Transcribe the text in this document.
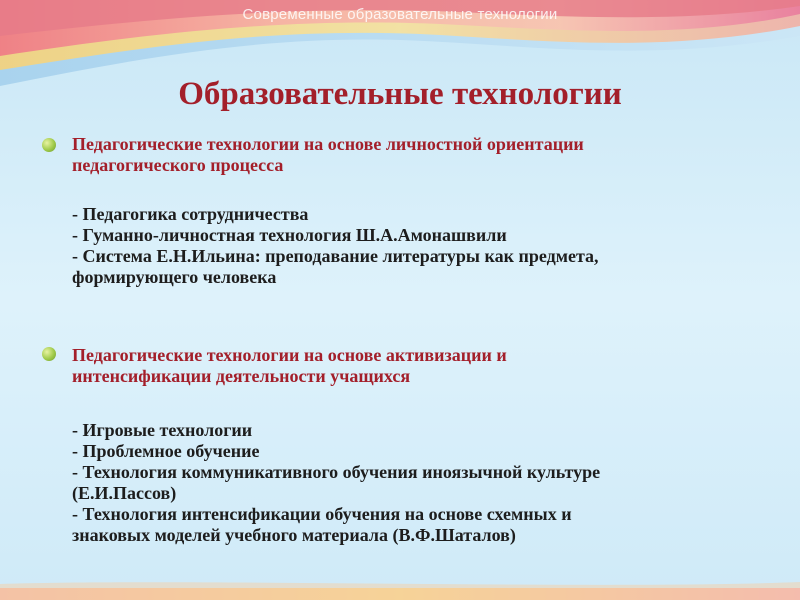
Современные образовательные технологии
Образовательные технологии
Педагогические технологии на основе личностной ориентации
педагогического процесса
- Педагогика сотрудничества
- Гуманно-личностная технология Ш.А.Амонашвили
- Система Е.Н.Ильина: преподавание литературы как предмета,
формирующего человека
Педагогические технологии на основе активизации и
интенсификации деятельности учащихся
- Игровые технологии
- Проблемное обучение
- Технология коммуникативного обучения иноязычной культуре
(Е.И.Пассов)
- Технология интенсификации обучения на основе схемных и
знаковых моделей учебного материала (В.Ф.Шаталов)
